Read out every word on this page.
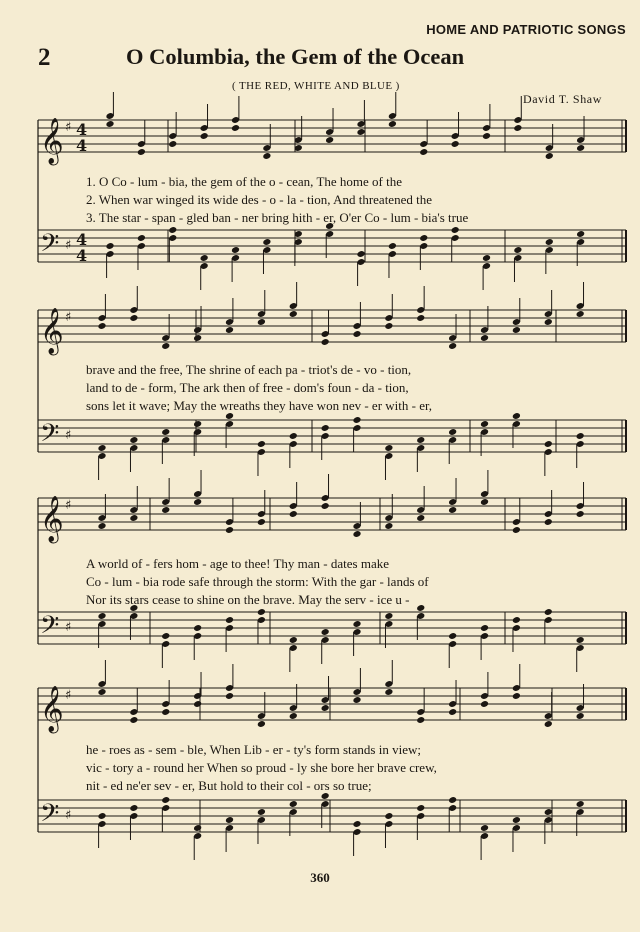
HOME AND PATRIOTIC SONGS
2	O Columbia, the Gem of the Ocean
( THE RED, WHITE AND BLUE )
David T. Shaw
𝄞 ♯ 4
4
𝄢 ♯ 4
4
𝄞 ♯
𝄢 ♯
𝄞 ♯
𝄢 ♯
𝄞 ♯
𝄢 ♯
1. O Co - lum - bia, the gem of the o - cean, The home of the
2. When war winged its wide des - o - la - tion, And threatened the
3. The star - span - gled ban - ner bring hith - er, O'er Co - lum - bia's true
brave and the free, The shrine of each pa - triot's de - vo - tion,
land to de - form, The ark then of free - dom's foun - da - tion,
sons let it wave; May the wreaths they have won nev - er with - er,
A world of - fers hom - age to thee! Thy man - dates make
Co - lum - bia rode safe through the storm: With the gar - lands of
Nor its stars cease to shine on the brave. May the serv - ice u -
he - roes as - sem - ble, When Lib - er - ty's form stands in view;
vic - tory a - round her When so proud - ly she bore her brave crew,
nit - ed ne'er sev - er, But hold to their col - ors so true;
360
